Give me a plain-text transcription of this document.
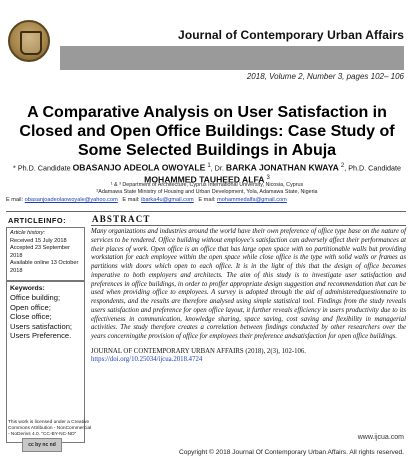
Journal of Contemporary Urban Affairs
2018, Volume 2, Number 3, pages 102– 106
A Comparative Analysis on User Satisfaction in Closed and Open Office Buildings: Case Study of Some Selected Buildings in Abuja
* Ph.D. Candidate OBASANJO ADEOLA OWOYALE $^1$, Dr. BARKA JONATHAN KWAYA $^2$, Ph.D. Candidate
MOHAMMED TAUHEED ALFA $^3$
¹ & ³ Department of Architecture, Cyprus International University, Nicosia, Cyprus
²Adamawa State Ministry of Housing and Urban Development, Yola, Adamawa State, Nigeria
E mail: obasanjoadeolaowoyale@yahoo.com E mail: ibarka4u@gmail.com E mail: mohammedalfa@gmail.com
ARTICLEINFO:
Article history:
Received 15 July 2018
Accepted 23 September 2018
Available online 13 October 2018
Keywords:
Office building;
Open office;
Close office;
Users satisfaction;
Users Preference.
This work is licensed under a Creative Commons Attribution - NonCommercial - NoDerivs 4.0. "CC-BY-NC-ND"
cc by nc nd
ABSTRACT

Many organizations and industries around the world have their own preference of office type base on the nature of services to be rendered. Office building without employee's satisfaction can adversely affect their performances at their places of work. Open office is an office that has large open space with no partitionable walls but providing workstation for each employee within the open space while close office is the type with solid walls or frames as partitions with doors which open to each office. It is in the light of this that the design of office becomes imperative to both employers and architects. The aim of this study is to investigate user satisfaction and preferences in office buildings, in order to proffer appropriate design suggestion and recommendation that can be used when providing office to employees. A survey is adopted through the aid of administeredquestionnaire to respondents, and the results are therefore analysed using simple statistical tool. Findings from the study reveals users satisfaction and preference for open office layout, it further reveals efficiency in users productivity due to its effectiveness in communication, knowledge sharing, space saving, cost saving and flexibility in managerial activities. The study therefore creates a correlation between findings conducted by other researchers over the years concerningthe provision of office for employees their preference andsatisfaction for open office buildings.

JOURNAL OF CONTEMPORARY URBAN AFFAIRS (2018), 2(3), 102-106.
https://doi.org/10.25034/ijcua.2018.4724
www.ijcua.com
Copyright © 2018 Journal Of Contemporary Urban Affairs. All rights reserved.
